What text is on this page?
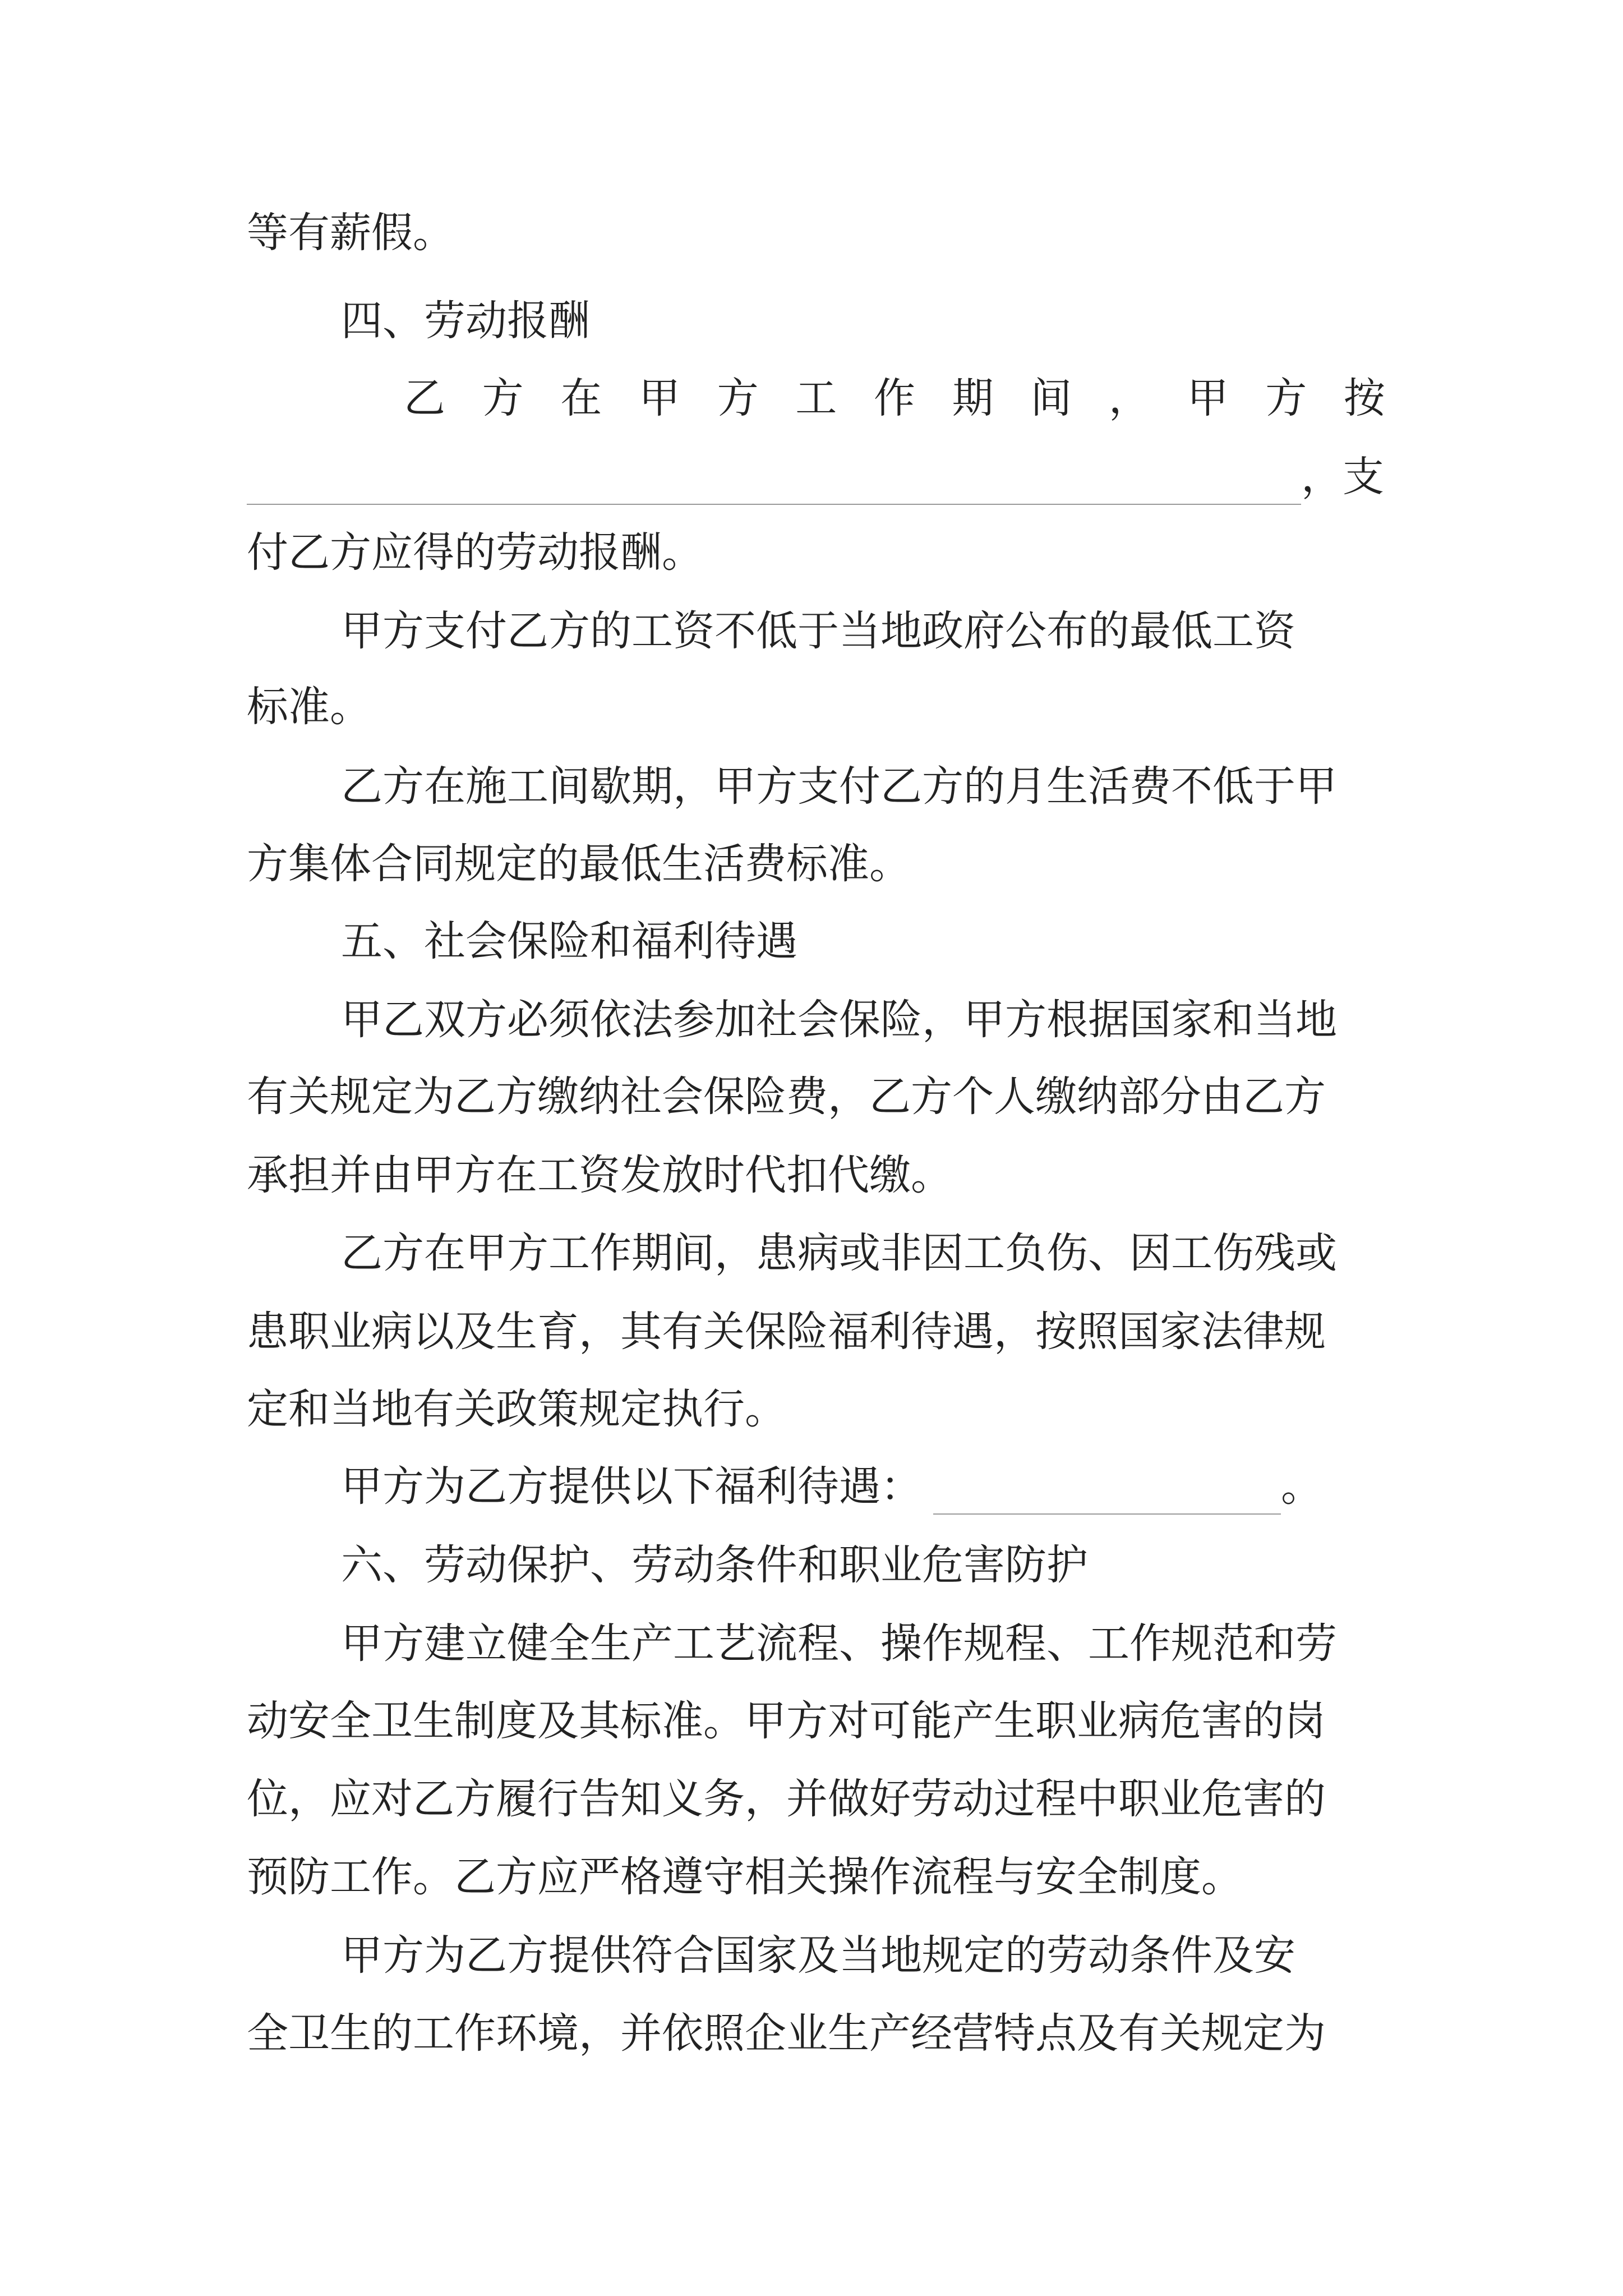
等有薪假。
四、劳动报酬
乙 方 在 甲 方 工 作 期 间 ， 甲 方 按
，支
付乙方应得的劳动报酬。
甲方支付乙方的工资不低于当地政府公布的最低工资
标准。
乙方在施工间歇期，甲方支付乙方的月生活费不低于甲
方集体合同规定的最低生活费标准。
五、社会保险和福利待遇
甲乙双方必须依法参加社会保险，甲方根据国家和当地
有关规定为乙方缴纳社会保险费，乙方个人缴纳部分由乙方
承担并由甲方在工资发放时代扣代缴。
乙方在甲方工作期间，患病或非因工负伤、因工伤残或
患职业病以及生育，其有关保险福利待遇，按照国家法律规
定和当地有关政策规定执行。
甲方为乙方提供以下福利待遇：	。
六、劳动保护、劳动条件和职业危害防护
甲方建立健全生产工艺流程、操作规程、工作规范和劳
动安全卫生制度及其标准。甲方对可能产生职业病危害的岗
位，应对乙方履行告知义务，并做好劳动过程中职业危害的
预防工作。乙方应严格遵守相关操作流程与安全制度。
甲方为乙方提供符合国家及当地规定的劳动条件及安
全卫生的工作环境，并依照企业生产经营特点及有关规定为
